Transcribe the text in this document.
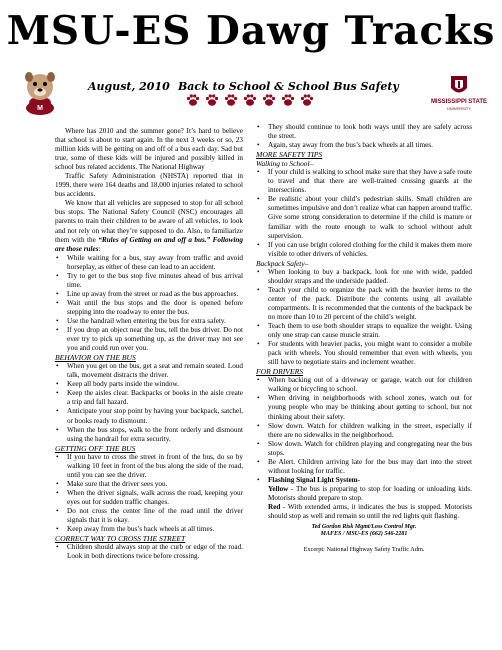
MSU-ES Dawg Tracks
M
August, 2010 Back to School & School Bus Safety
MISSISSIPPI STATE
UNIVERSITY

Where has 2010 and the summer gone? It’s hard to believe that school is about to start again. In the next 3 weeks or so, 23 million kids will be getting on and off of a bus each day. Sad but true, some of these kids will be injured and possibly killed in school bus related accidents. The National Highway

Traffic Safety Administration (NHSTA) reported that in 1999, there were 164 deaths and 18,000 injuries related to school bus accidents.

We know that all vehicles are supposed to stop for all school bus stops. The National Safety Council (NSC) encourages all parents to train their children to be aware of all vehicles, to look and not rely on what they’re supposed to do. Also, to familiarize them with the “Rules of Getting on and off a bus.” Following are those rules:

• While waiting for a bus, stay away from traffic and avoid horseplay, as either of these can lead to an accident.
• Try to get to the bus stop five minutes ahead of bus arrival time.
• Line up away from the street or road as the bus approaches.
• Wait until the bus stops and the door is opened before stepping into the roadway to enter the bus.
• Use the handrail when entering the bus for extra safety.
• If you drop an object near the bus, tell the bus driver. Do not ever try to pick up something up, as the driver may not see you and could run over you.
BEHAVIOR ON THE BUS
• When you get on the bus, get a seat and remain seated. Loud talk, movement distracts the driver.
• Keep all body parts inside the window.
• Keep the aisles clear. Backpacks or books in the aisle create a trip and fall hazard.
• Anticipate your stop point by having your backpack, satchel, or books ready to dismount.
• When the bus stops, walk to the front orderly and dismount using the handrail for extra security.
GETTING OFF THE BUS
• If you have to cross the street in front of the bus, do so by walking 10 feet in front of the bus along the side of the road, until you can see the driver.
• Make sure that the driver sees you.
• When the driver signals, walk across the road, keeping your eyes out for sudden traffic changes.
• Do not cross the center line of the road until the driver signals that it is okay.
• Keep away from the bus’s back wheels at all times.
CORRECT WAY TO CROSS THE STREET
• Children should always stop at the curb or edge of the road. Look in both directions twice before crossing.
• They should continue to look both ways until they are safely across the street.
• Again, stay away from the bus’s back wheels at all times.
MORE SAFETY TIPS
Walking to School–
• If your child is walking to school make sure that they have a safe route to travel and that there are well-trained crossing guards at the intersections.
• Be realistic about your child’s pedestrian skills. Small children are sometimes impulsive and don’t realize what can happen around traffic. Give some strong consideration to determine if the child is mature or familiar with the route enough to walk to school without adult supervision.
• If you can use bright colored clothing for the child it makes them more visible to other drivers of vehicles.
Backpack Safety–
• When looking to buy a backpack, look for one with wide, padded shoulder straps and the underside padded.
• Teach your child to organize the pack with the heavier items to the center of the pack. Distribute the contents using all available compartments. It is recommended that the contents of the backpack be no more than 10 to 20 percent of the child’s weight.
• Teach them to use both shoulder straps to equalize the weight. Using only one strap can cause muscle strain.
• For students with heavier packs, you might want to consider a mobile pack with wheels. You should remember that even with wheels, you still have to negotiate stairs and inclement weather.
FOR DRIVERS
• When backing out of a driveway or garage, watch out for children walking or bicycling to school.
• When driving in neighborhoods with school zones, watch out for young people who may be thinking about getting to school, but not thinking about their safety.
• Slow down. Watch for children walking in the street, especially if there are no sidewalks in the neighborhood.
• Slow down. Watch for children playing and congregating near the bus stops.
• Be Alert. Children arriving late for the bus may dart into the street without looking for traffic.
• Flashing Signal Light System-
Yellow - The bus is preparing to stop for loading or unloading kids. Motorists should prepare to stop.
Red - With extended arms, it indicates the bus is stopped. Motorists should stop as well and remain so until the red lights quit flashing.
Ted Gordon Risk Mgmt/Loss Control Mgr.
MAFES / MSU-ES (662) 546-2281
Excerpt: National Highway Safety Traffic Adm.
